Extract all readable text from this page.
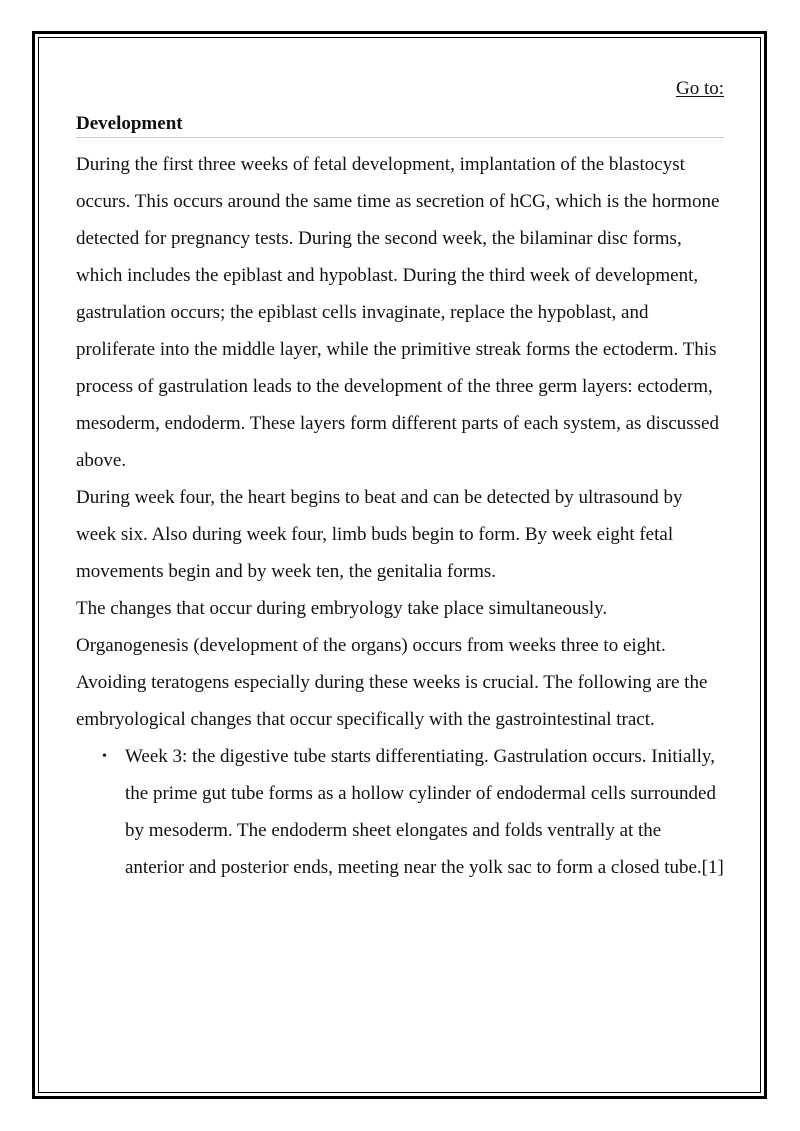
Go to:
Development

During the first three weeks of fetal development, implantation of the blastocyst occurs. This occurs around the same time as secretion of hCG, which is the hormone detected for pregnancy tests. During the second week, the bilaminar disc forms, which includes the epiblast and hypoblast. During the third week of development, gastrulation occurs; the epiblast cells invaginate, replace the hypoblast, and proliferate into the middle layer, while the primitive streak forms the ectoderm. This process of gastrulation leads to the development of the three germ layers: ectoderm, mesoderm, endoderm. These layers form different parts of each system, as discussed above.

During week four, the heart begins to beat and can be detected by ultrasound by week six. Also during week four, limb buds begin to form. By week eight fetal movements begin and by week ten, the genitalia forms.

The changes that occur during embryology take place simultaneously. Organogenesis (development of the organs) occurs from weeks three to eight. Avoiding teratogens especially during these weeks is crucial. The following are the embryological changes that occur specifically with the gastrointestinal tract.

• Week 3: the digestive tube starts differentiating. Gastrulation occurs. Initially, the prime gut tube forms as a hollow cylinder of endodermal cells surrounded by mesoderm. The endoderm sheet elongates and folds ventrally at the anterior and posterior ends, meeting near the yolk sac to form a closed tube.[1]
